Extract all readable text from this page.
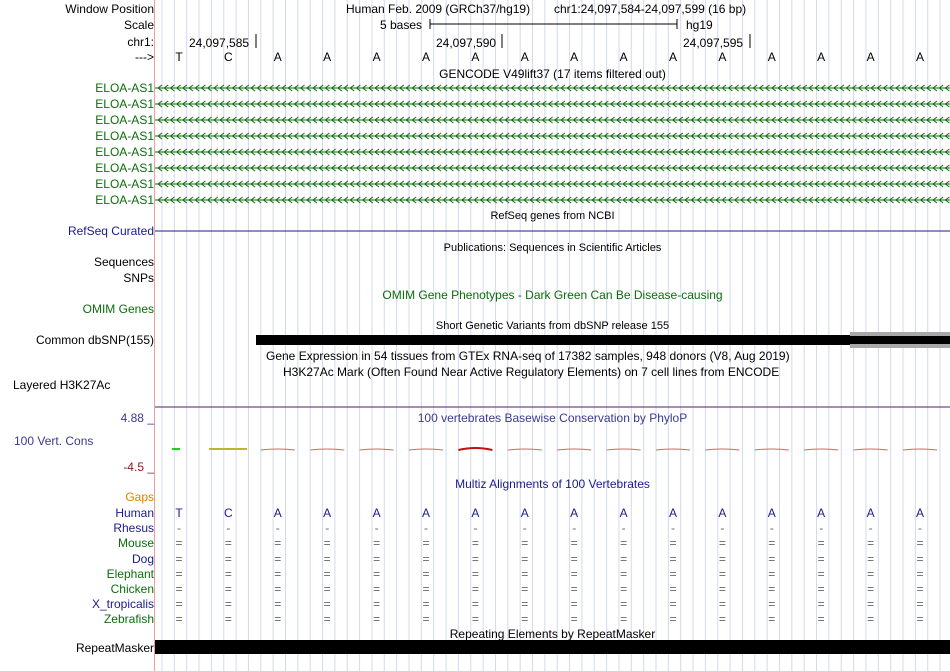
Window Position
Scale
chr1:
--->
Human Feb. 2009 (GRCh37/hg19) chr1:24,097,584-24,097,599 (16 bp)
5 bases	hg19
24,097,585	24,097,590	24,097,595
T	C	A	A	A	A	A	A	A	A	A	A	A	A	A	A
GENCODE V49lift37 (17 items filtered out)
ELOA-AS1
ELOA-AS1
ELOA-AS1
ELOA-AS1
ELOA-AS1
ELOA-AS1
ELOA-AS1
ELOA-AS1
RefSeq genes from NCBI
RefSeq Curated
Publications: Sequences in Scientific Articles
Sequences
SNPs
OMIM Genes
OMIM Gene Phenotypes - Dark Green Can Be Disease-causing
Short Genetic Variants from dbSNP release 155
Common dbSNP(155)
Gene Expression in 54 tissues from GTEx RNA-seq of 17382 samples, 948 donors (V8, Aug 2019)
H3K27Ac Mark (Often Found Near Active Regulatory Elements) on 7 cell lines from ENCODE
Layered H3K27Ac
100 vertebrates Basewise Conservation by PhyloP
4.88 _
100 Vert. Cons
-4.5 _
Multiz Alignments of 100 Vertebrates
Gaps
Human T	C	A	A	A	A	A	A	A	A	A	A	A	A	A	A
Rhesus	-	-	-	-	-	-	-	-	-	-	-	-	-	-	-	-
Mouse =	=	=	=	=	=	=	=	=	=	=	=	=	=	=	=
Dog =	=	=	=	=	=	=	=	=	=	=	=	=	=	=	=
Elephant =	=	=	=	=	=	=	=	=	=	=	=	=	=	=	=
Chicken =	=	=	=	=	=	=	=	=	=	=	=	=	=	=	=
X_tropicalis =	=	=	=	=	=	=	=	=	=	=	=	=	=	=	=
Zebrafish =	=	=	=	=	=	=	=	=	=	=	=	=	=	=	=
Repeating Elements by RepeatMasker
RepeatMasker
